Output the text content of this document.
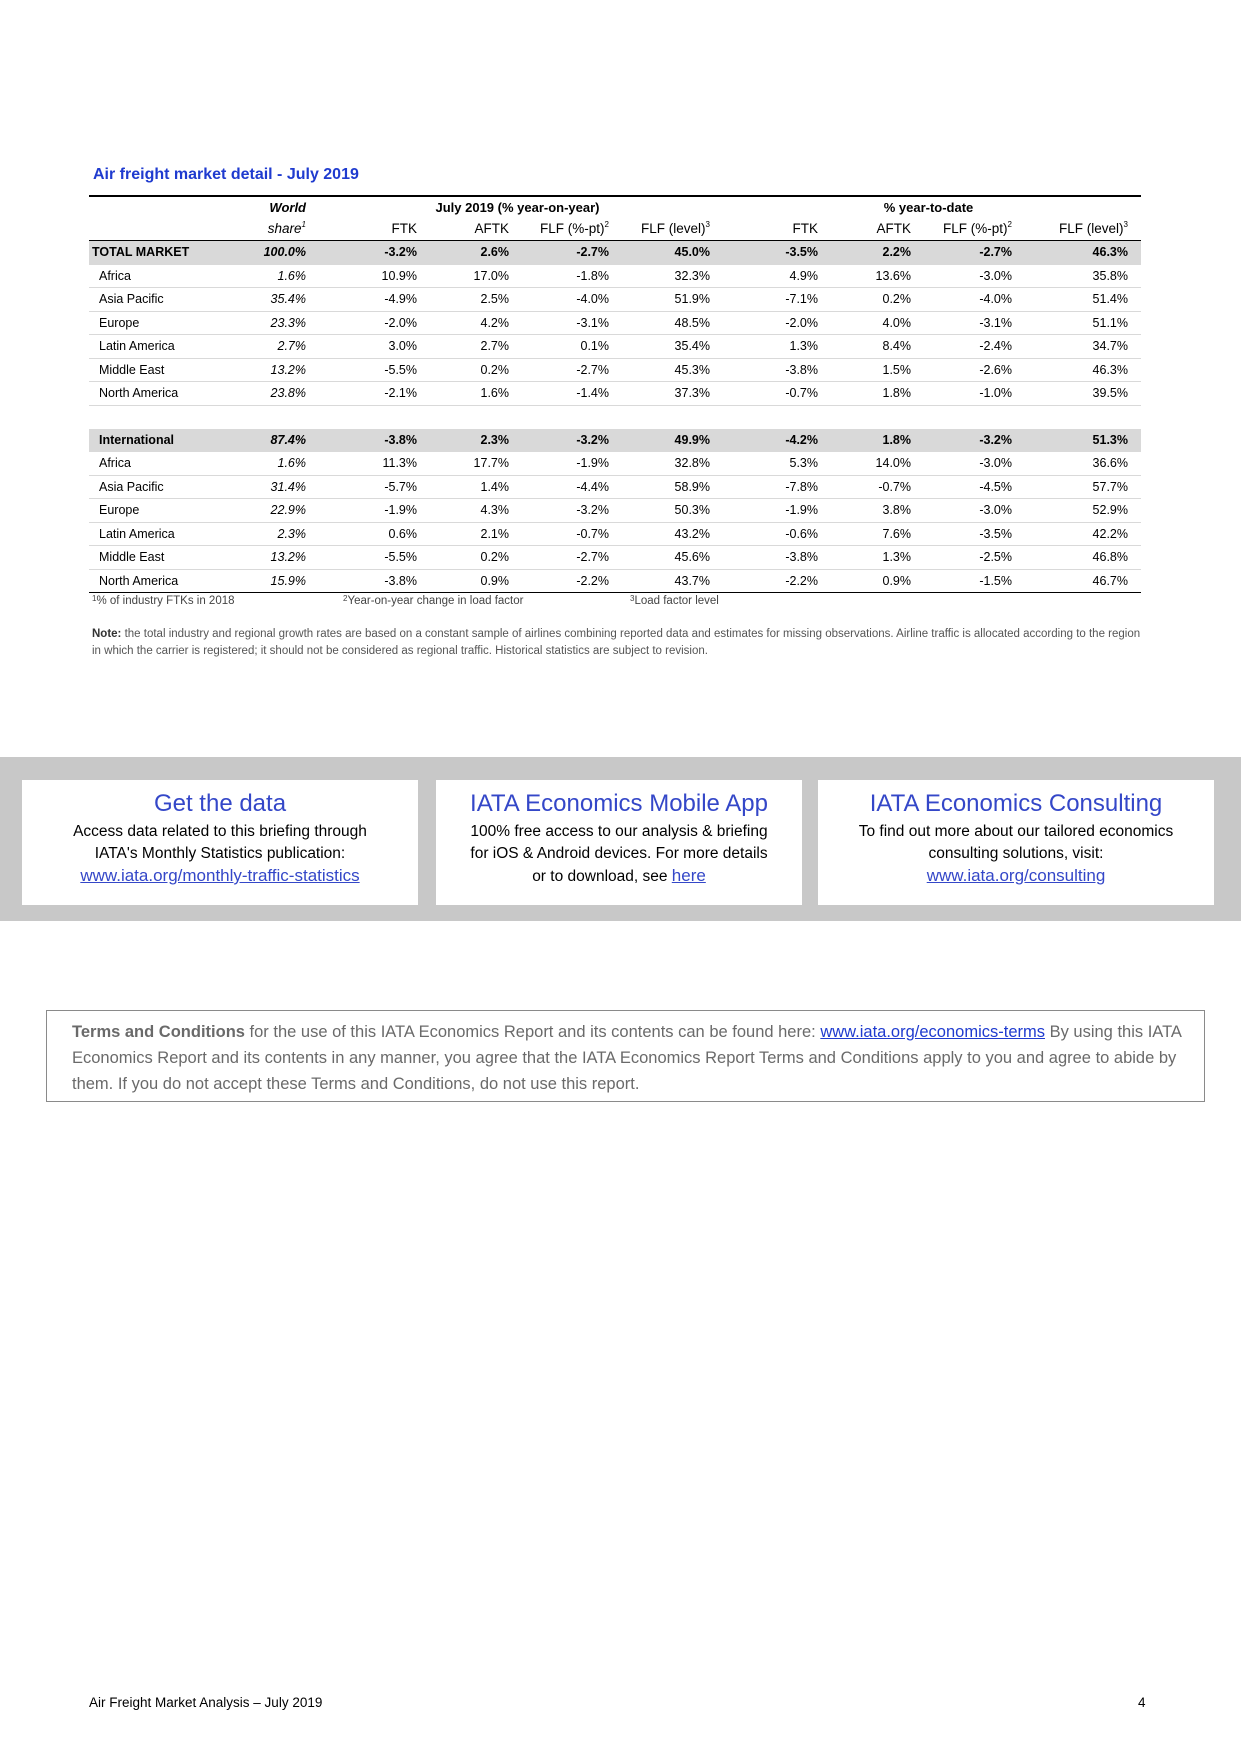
Air freight market detail - July 2019
	World	July 2019 (% year-on-year)				% year-to-date			
	share$^1$	FTK	AFTK	FLF $(\%-pt)^2$	FLF (level)$^3$	FTK	AFTK	FLF $(\%-pt)^2$	FLF (level)$^3$
TOTAL MARKET	100.0%	-3.2%	2.6%	-2.7%	45.0%	-3.5%	2.2%	-2.7%	46.3%
Africa	1.6%	10.9%	17.0%	-1.8%	32.3%	4.9%	13.6%	-3.0%	35.8%
Asia Pacific	35.4%	-4.9%	2.5%	-4.0%	51.9%	-7.1%	0.2%	-4.0%	51.4%
Europe	23.3%	-2.0%	4.2%	-3.1%	48.5%	-2.0%	4.0%	-3.1%	51.1%
Latin America	2.7%	3.0%	2.7%	0.1%	35.4%	1.3%	8.4%	-2.4%	34.7%
Middle East	13.2%	-5.5%	0.2%	-2.7%	45.3%	-3.8%	1.5%	-2.6%	46.3%
North America	23.8%	-2.1%	1.6%	-1.4%	37.3%	-0.7%	1.8%	-1.0%	39.5%

International	87.4%	-3.8%	2.3%	-3.2%	49.9%	-4.2%	1.8%	-3.2%	51.3%
Africa	1.6%	11.3%	17.7%	-1.9%	32.8%	5.3%	14.0%	-3.0%	36.6%
Asia Pacific	31.4%	-5.7%	1.4%	-4.4%	58.9%	-7.8%	-0.7%	-4.5%	57.7%
Europe	22.9%	-1.9%	4.3%	-3.2%	50.3%	-1.9%	3.8%	-3.0%	52.9%
Latin America	2.3%	0.6%	2.1%	-0.7%	43.2%	-0.6%	7.6%	-3.5%	42.2%
Middle East	13.2%	-5.5%	0.2%	-2.7%	45.6%	-3.8%	1.3%	-2.5%	46.8%
North America	15.9%	-3.8%	0.9%	-2.2%	43.7%	-2.2%	0.9%	-1.5%	46.7%
$^1$% of industry FTKs in 2018	$^2$Year-on-year change in load factor	$^3$Load factor level
Note: the total industry and regional growth rates are based on a constant sample of airlines combining reported data and estimates for missing observations. Airline traffic is allocated according to the region in which the carrier is registered; it should not be considered as regional traffic. Historical statistics are subject to revision.
Get the data
Access data related to this briefing through
IATA's Monthly Statistics publication:
www.iata.org/monthly-traffic-statistics
IATA Economics Mobile App
100% free access to our analysis & briefing
for iOS & Android devices. For more details
or to download, see here
IATA Economics Consulting
To find out more about our tailored economics
consulting solutions, visit:
www.iata.org/consulting

Terms and Conditions for the use of this IATA Economics Report and its contents can be found here: www.iata.org/economics-terms By using this IATA Economics Report and its contents in any manner, you agree that the IATA Economics Report Terms and Conditions apply to you and agree to abide by them. If you do not accept these Terms and Conditions, do not use this report.

Air Freight Market Analysis – July 2019	4
